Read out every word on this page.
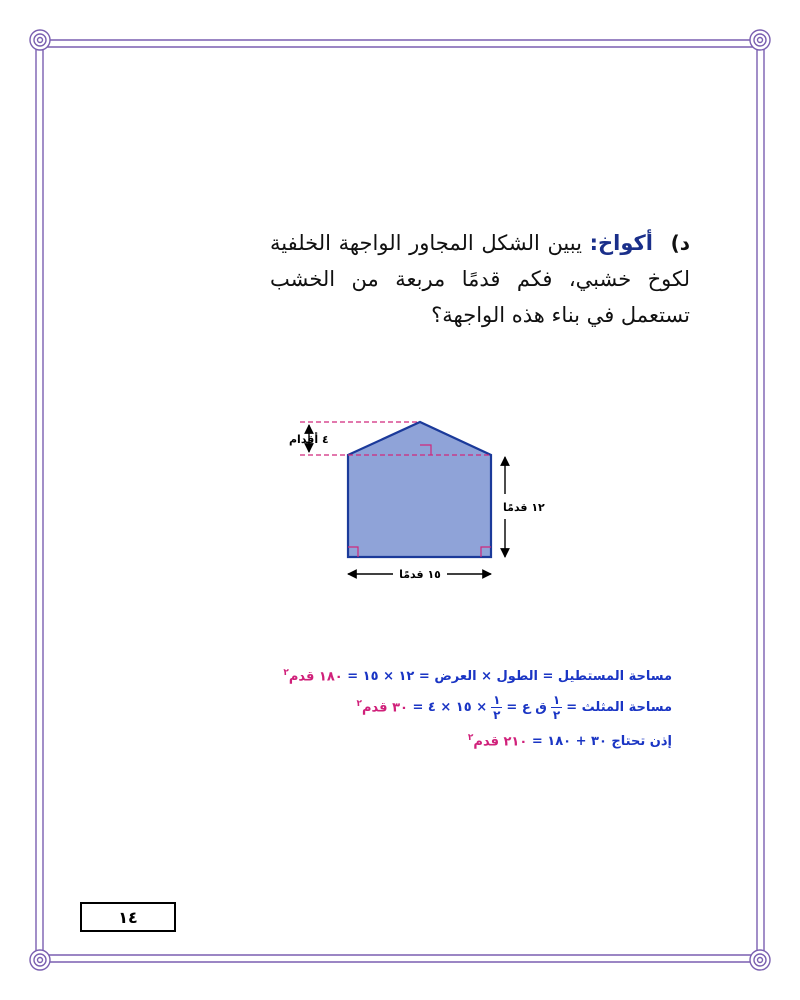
د) أكواخ: يبين الشكل المجاور الواجهة الخلفية لكوخ خشبي، فكم قدمًا مربعة من الخشب تستعمل في بناء هذه الواجهة؟
٤ أقدام
١٢ قدمًا
١٥ قدمًا
مساحة المستطيل = الطول × العرض = ١٢ × ١٥ =
١٨٠ قدم$^٢$
مساحة المثلث =
$\frac{١}{٢}$
ق ع =
$\frac{١}{٢}$
× ١٥ × ٤ =
٣٠ قدم$^٢$
إذن تحتاج ٣٠ + ١٨٠ =
٢١٠ قدم$^٢$
١٤
